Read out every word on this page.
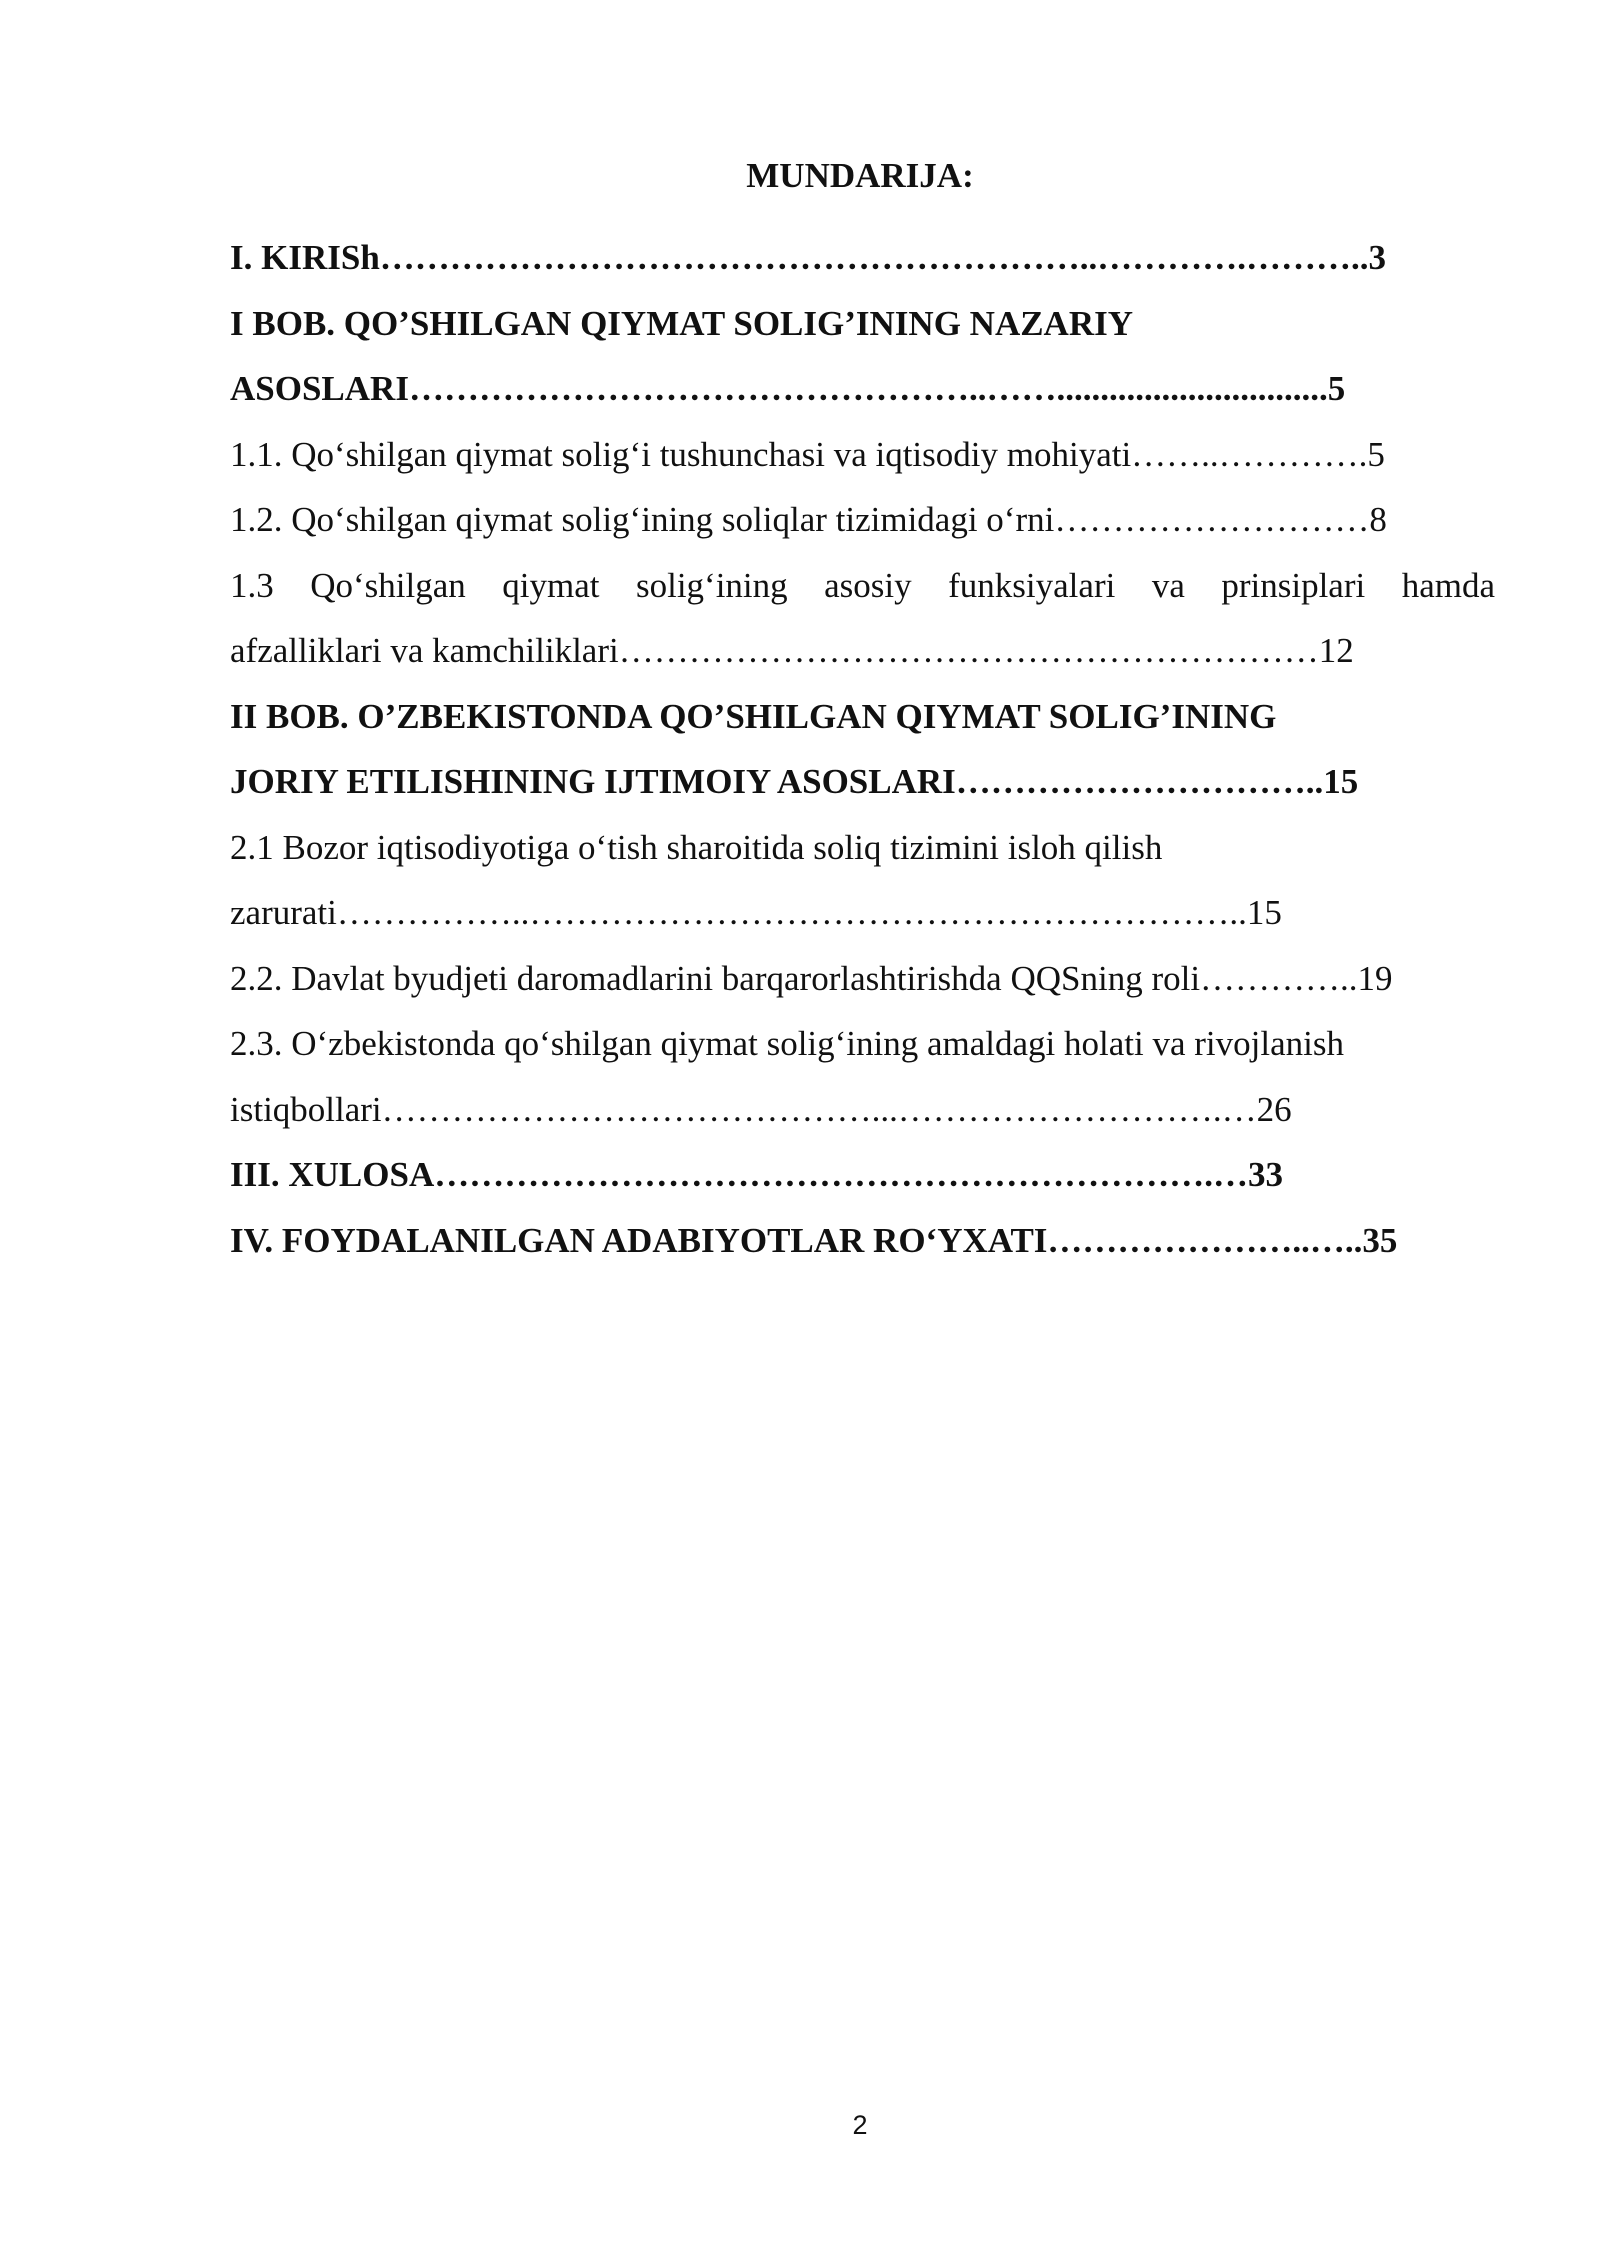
MUNDARIJA:
I. KIRISh……………………………………………………..………….………..3
I BOB. QO’SHILGAN QIYMAT SOLIG’INING NAZARIY
ASOSLARI…………………………………………..……...............................5
1.1. Qo‘shilgan qiymat solig‘i tushunchasi va iqtisodiy mohiyati……..………….5
1.2. Qo‘shilgan qiymat solig‘ining soliqlar tizimidagi o‘rni………………………8
1.3 Qo‘shilgan qiymat solig‘ining asosiy funksiyalari va prinsiplari hamda
afzalliklari va kamchiliklari……………………………………………………12
II BOB. O’ZBEKISTONDA QO’SHILGAN QIYMAT SOLIG’INING
JORIY ETILISHINING IJTIMOIY ASOSLARI…………………………..15
2.1 Bozor iqtisodiyotiga o‘tish sharoitida soliq tizimini isloh qilish
zarurati……………..……………………………………………………..15
2.2. Davlat byudjeti daromadlarini barqarorlashtirishda QQSning roli…………..19
2.3. O‘zbekistonda qo‘shilgan qiymat solig‘ining amaldagi holati va rivojlanish
istiqbollari……………………………………...……………………….…26
III. XULOSA………………………………………………………….…33
IV. FOYDALANILGAN ADABIYOTLAR RO‘YXATI…………………..…..35
2
